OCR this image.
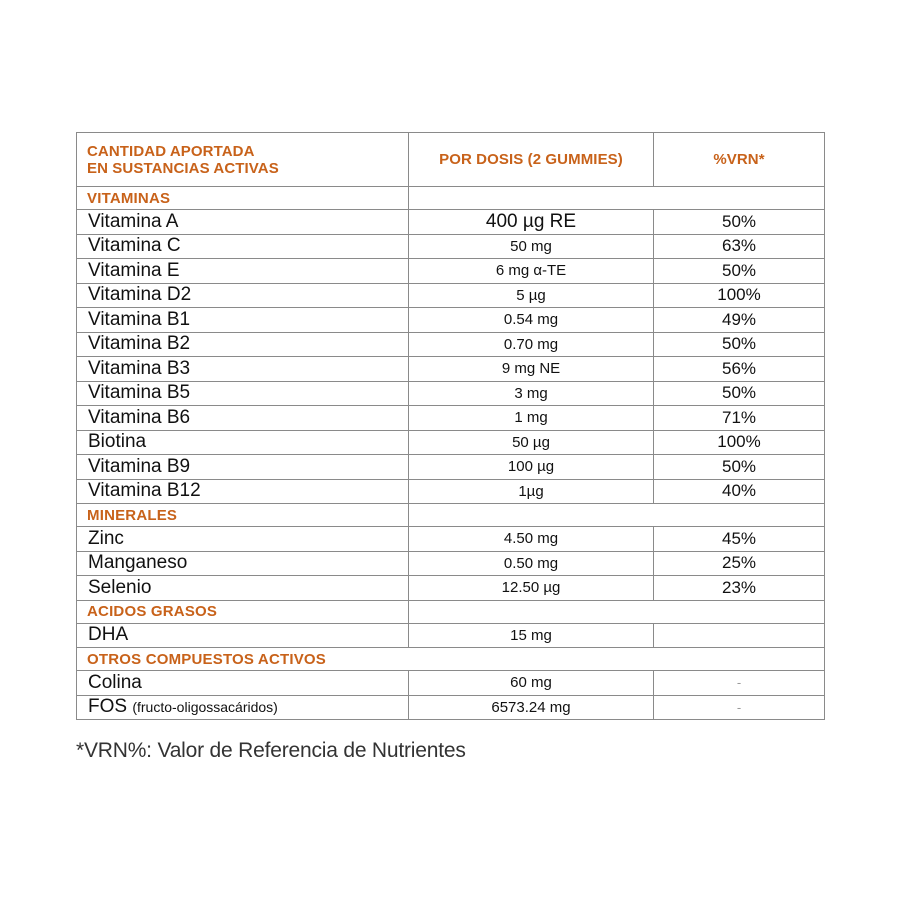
CANTIDAD APORTADA
EN SUSTANCIAS ACTIVAS	POR DOSIS (2 GUMMIES)	%VRN*
VITAMINAS		
Vitamina A	400 µg RE	50%
Vitamina C	50 mg	63%
Vitamina E	6 mg α-TE	50%
Vitamina D2	5 µg	100%
Vitamina B1	0.54 mg	49%
Vitamina B2	0.70 mg	50%
Vitamina B3	9 mg NE	56%
Vitamina B5	3 mg	50%
Vitamina B6	1 mg	71%
Biotina	50 µg	100%
Vitamina B9	100 µg	50%
Vitamina B12	1µg	40%
MINERALES		
Zinc	4.50 mg	45%
Manganeso	0.50 mg	25%
Selenio	12.50 µg	23%
ACIDOS GRASOS		
DHA	15 mg	
OTROS COMPUESTOS ACTIVOS		
Colina	60 mg	-
FOS (fructo-oligossacáridos)	6573.24 mg	-
*VRN%: Valor de Referencia de Nutrientes
